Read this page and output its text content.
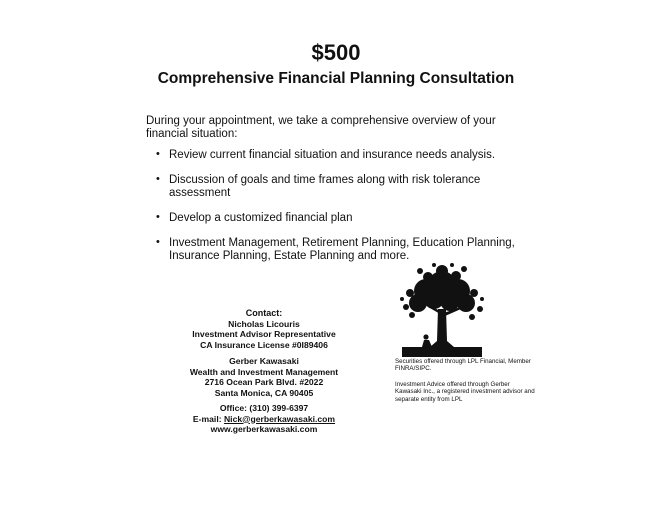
$500
Comprehensive Financial Planning Consultation
During your appointment, we take a comprehensive overview of your financial situation:
• Review current financial situation and insurance needs analysis.
• Discussion of goals and time frames along with risk tolerance assessment
• Develop a customized financial plan
• Investment Management, Retirement Planning, Education Planning, Insurance Planning, Estate Planning and more.
Contact:
Nicholas Licouris
Investment Advisor Representative
CA Insurance License #0I89406
Gerber Kawasaki
Wealth and Investment Management
2716 Ocean Park Blvd. #2022
Santa Monica, CA 90405
Office: (310) 399-6397
E-mail: Nick@gerberkawasaki.com
www.gerberkawasaki.com
Securities offered through LPL Financial, Member FINRA/SIPC.
Investment Advice offered through Gerber Kawasaki Inc., a registered investment advisor and separate entity from LPL
